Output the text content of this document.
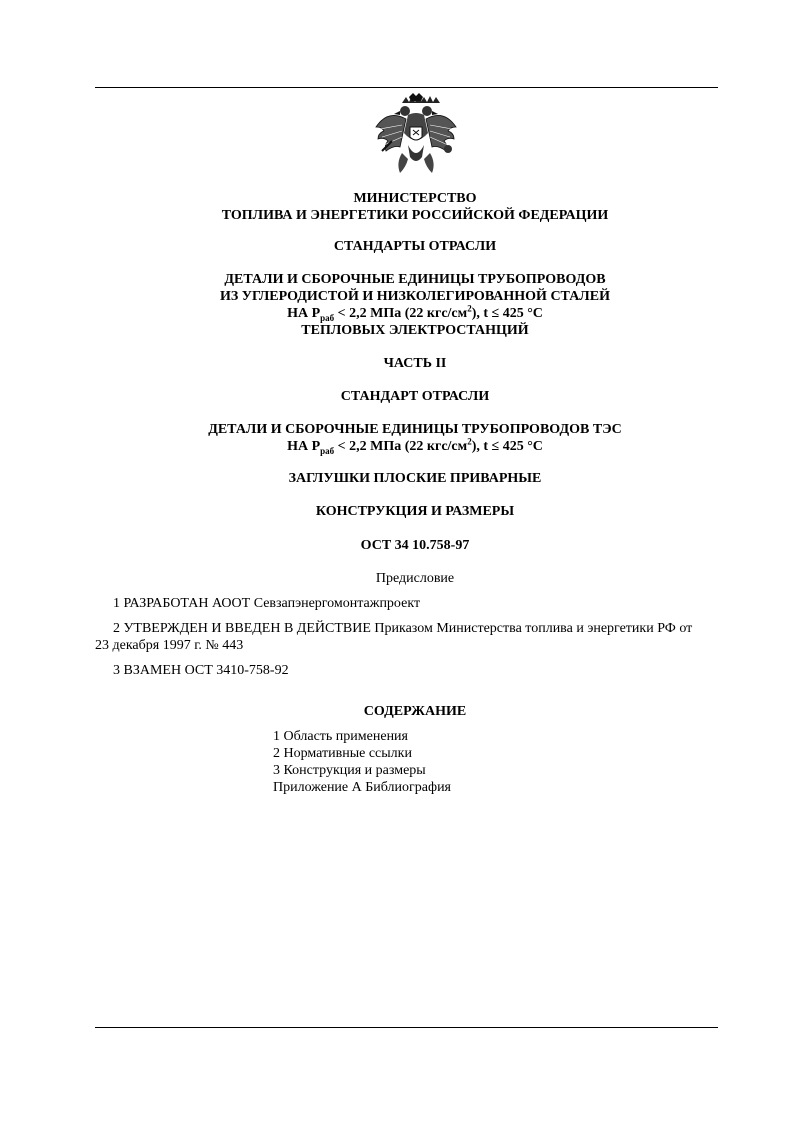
МИНИСТЕРСТВО
ТОПЛИВА И ЭНЕРГЕТИКИ РОССИЙСКОЙ ФЕДЕРАЦИИ
СТАНДАРТЫ ОТРАСЛИ
ДЕТАЛИ И СБОРОЧНЫЕ ЕДИНИЦЫ ТРУБОПРОВОДОВ
ИЗ УГЛЕРОДИСТОЙ И НИЗКОЛЕГИРОВАННОЙ СТАЛЕЙ
НА $Р_{раб} < 2,2$ МПа (22 кгс/$см^2$), t ≤ 425 °С
ТЕПЛОВЫХ ЭЛЕКТРОСТАНЦИЙ
ЧАСТЬ II
СТАНДАРТ ОТРАСЛИ
ДЕТАЛИ И СБОРОЧНЫЕ ЕДИНИЦЫ ТРУБОПРОВОДОВ ТЭС
НА $Р_{раб} < 2,2$ МПа (22 кгс/$см^2$), t ≤ 425 °С
ЗАГЛУШКИ ПЛОСКИЕ ПРИВАРНЫЕ
КОНСТРУКЦИЯ И РАЗМЕРЫ
ОСТ 34 10.758-97
Предисловие
1 РАЗРАБОТАН АООТ Севзапэнергомонтажпроект
2 УТВЕРЖДЕН И ВВЕДЕН В ДЕЙСТВИЕ Приказом Министерства топлива и энергетики РФ от
23 декабря 1997 г. № 443
3 ВЗАМЕН ОСТ 3410-758-92
СОДЕРЖАНИЕ
1 Область применения
2 Нормативные ссылки
3 Конструкция и размеры
Приложение А Библиография
